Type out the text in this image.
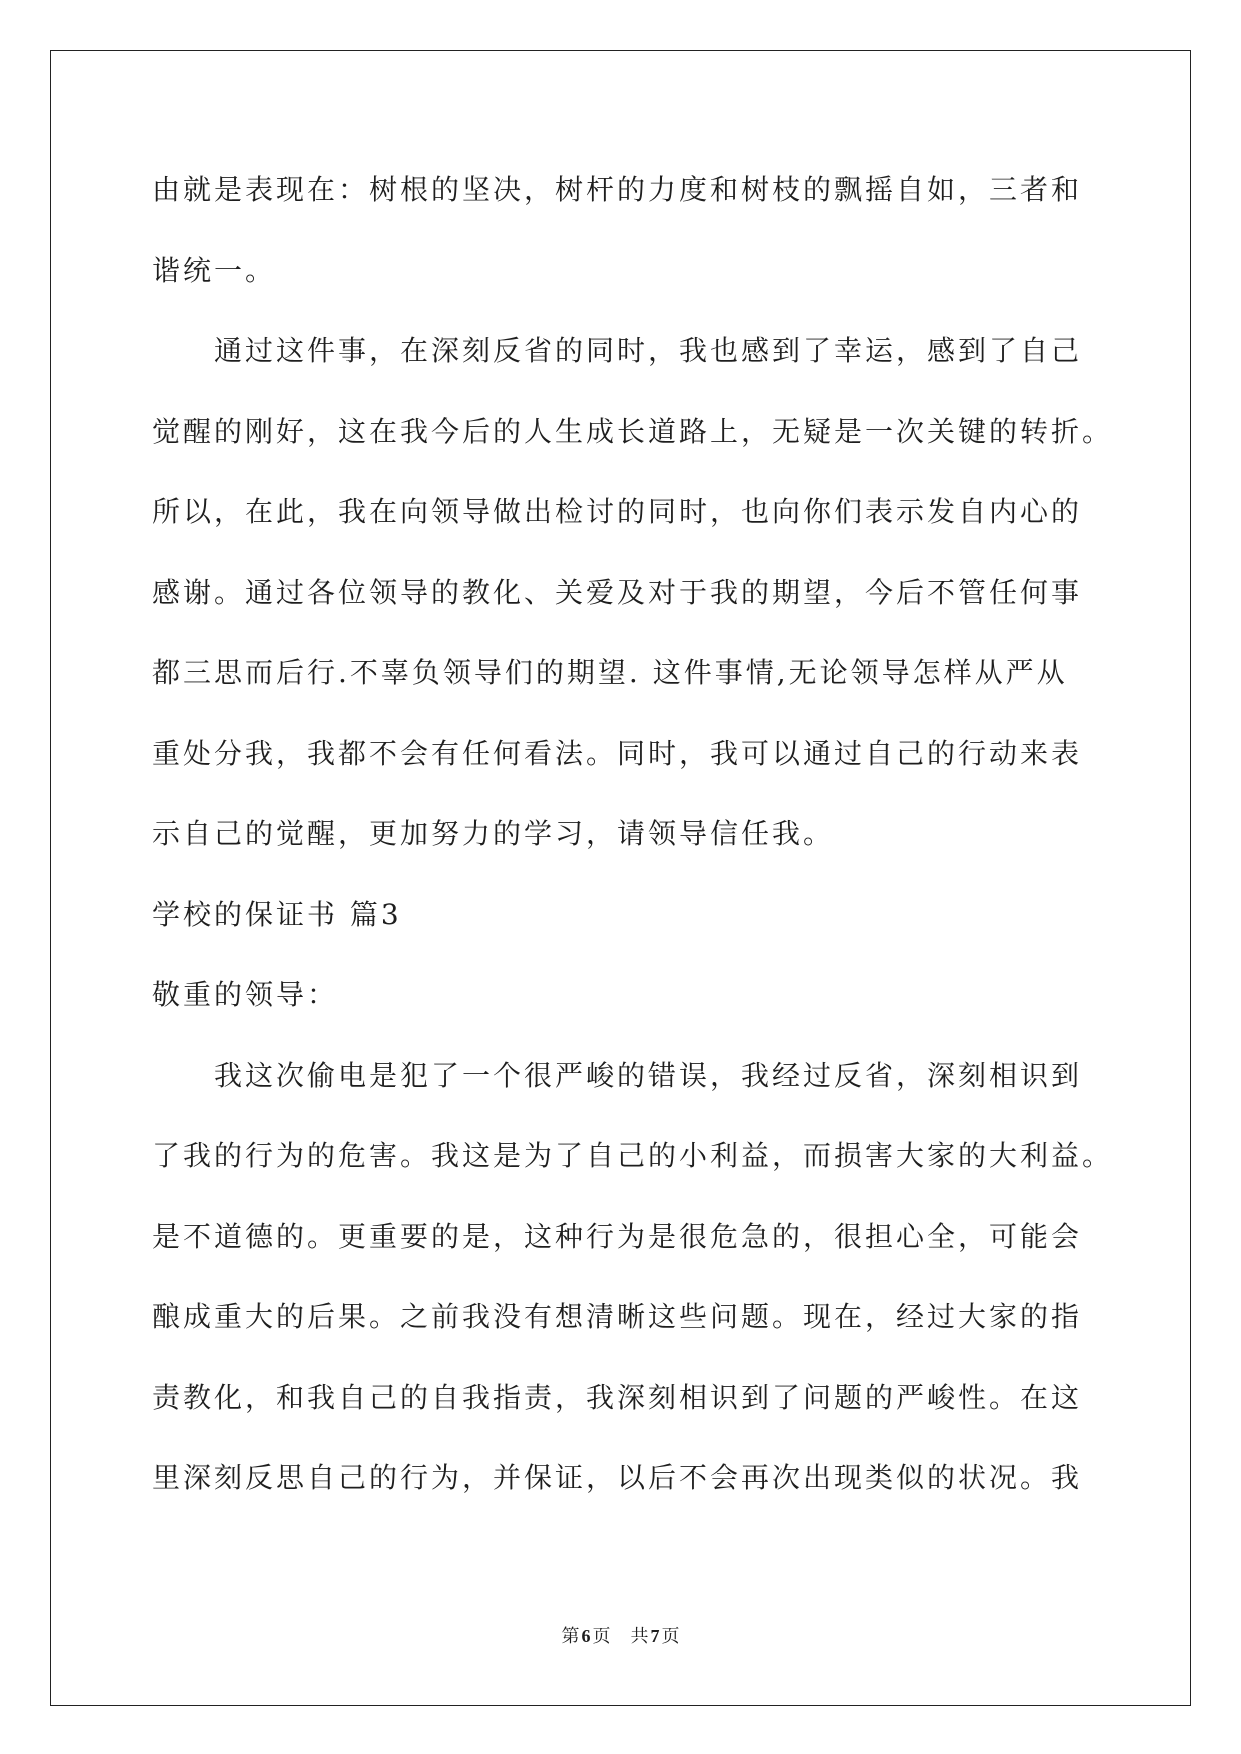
由就是表现在：树根的坚决，树杆的力度和树枝的飘摇自如，三者和
谐统一。
通过这件事，在深刻反省的同时，我也感到了幸运，感到了自己
觉醒的刚好，这在我今后的人生成长道路上，无疑是一次关键的转折。
所以，在此，我在向领导做出检讨的同时，也向你们表示发自内心的
感谢。通过各位领导的教化、关爱及对于我的期望，今后不管任何事
都三思而后行.不辜负领导们的期望. 这件事情,无论领导怎样从严从
重处分我，我都不会有任何看法。同时，我可以通过自己的行动来表
示自己的觉醒，更加努力的学习，请领导信任我。
学校的保证书 篇3
敬重的领导：
我这次偷电是犯了一个很严峻的错误，我经过反省，深刻相识到
了我的行为的危害。我这是为了自己的小利益，而损害大家的大利益。
是不道德的。更重要的是，这种行为是很危急的，很担心全，可能会
酿成重大的后果。之前我没有想清晰这些问题。现在，经过大家的指
责教化，和我自己的自我指责，我深刻相识到了问题的严峻性。在这
里深刻反思自己的行为，并保证，以后不会再次出现类似的状况。我
第 6 页 共 7 页
